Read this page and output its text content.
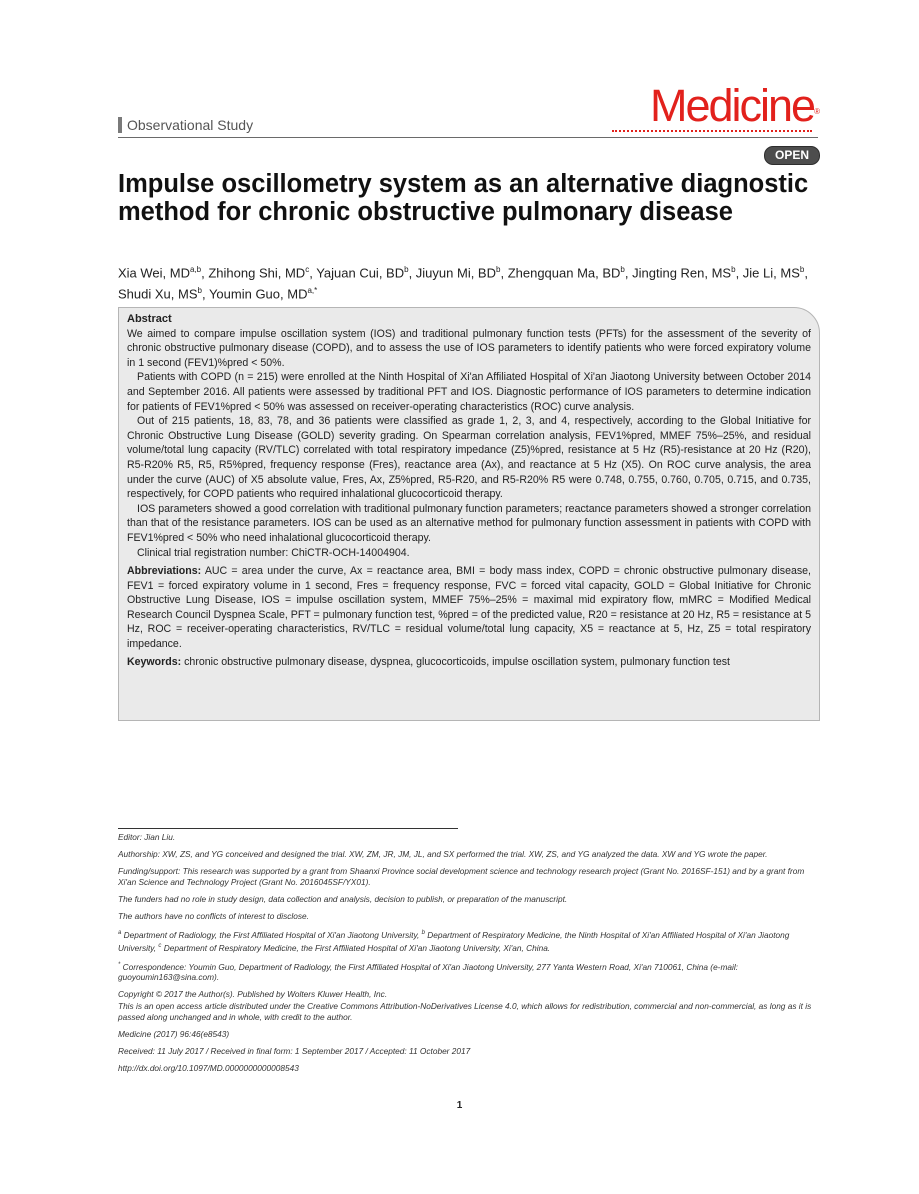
Observational Study	Medicine®
OPEN
Impulse oscillometry system as an alternative diagnostic method for chronic obstructive pulmonary disease

Xia Wei, MD$^{a,b}$, Zhihong Shi, $MD^c$, Yajuan Cui, $BD^b$, Jiuyun Mi, $BD^b$, Zhengquan Ma, $BD^b$, Jingting Ren, $MS^b$, Jie Li, $MS^b$, Shudi Xu, $MS^b$, Youmin Guo, $MD^{a,*}$

Abstract

We aimed to compare impulse oscillation system (IOS) and traditional pulmonary function tests (PFTs) for the assessment of the severity of chronic obstructive pulmonary disease (COPD), and to assess the use of IOS parameters to identify patients who were forced expiratory volume in 1 second (FEV1)%pred < 50%.

Patients with COPD (n = 215) were enrolled at the Ninth Hospital of Xi'an Affiliated Hospital of Xi'an Jiaotong University between October 2014 and September 2016. All patients were assessed by traditional PFT and IOS. Diagnostic performance of IOS parameters to determine indication for patients of FEV1%pred < 50% was assessed on receiver-operating characteristics (ROC) curve analysis.

Out of 215 patients, 18, 83, 78, and 36 patients were classified as grade 1, 2, 3, and 4, respectively, according to the Global Initiative for Chronic Obstructive Lung Disease (GOLD) severity grading. On Spearman correlation analysis, FEV1%pred, MMEF 75%–25%, and residual volume/total lung capacity (RV/TLC) correlated with total respiratory impedance (Z5)%pred, resistance at 5 Hz (R5)-resistance at 20 Hz (R20), R5-R20% R5, R5, R5%pred, frequency response (Fres), reactance area (Ax), and reactance at 5 Hz (X5). On ROC curve analysis, the area under the curve (AUC) of X5 absolute value, Fres, Ax, Z5%pred, R5-R20, and R5-R20% R5 were 0.748, 0.755, 0.760, 0.705, 0.715, and 0.735, respectively, for COPD patients who required inhalational glucocorticoid therapy.

IOS parameters showed a good correlation with traditional pulmonary function parameters; reactance parameters showed a stronger correlation than that of the resistance parameters. IOS can be used as an alternative method for pulmonary function assessment in patients with COPD with FEV1%pred < 50% who need inhalational glucocorticoid therapy.

Clinical trial registration number: ChiCTR-OCH-14004904.

Abbreviations: AUC = area under the curve, Ax = reactance area, BMI = body mass index, COPD = chronic obstructive pulmonary disease, FEV1 = forced expiratory volume in 1 second, Fres = frequency response, FVC = forced vital capacity, GOLD = Global Initiative for Chronic Obstructive Lung Disease, IOS = impulse oscillation system, MMEF 75%–25% = maximal mid expiratory flow, mMRC = Modified Medical Research Council Dyspnea Scale, PFT = pulmonary function test, %pred = of the predicted value, R20 = resistance at 20 Hz, R5 = resistance at 5 Hz, ROC = receiver-operating characteristics, RV/TLC = residual volume/total lung capacity, X5 = reactance at 5, Hz, Z5 = total respiratory impedance.

Keywords: chronic obstructive pulmonary disease, dyspnea, glucocorticoids, impulse oscillation system, pulmonary function test

Editor: Jian Liu.

Authorship: XW, ZS, and YG conceived and designed the trial. XW, ZM, JR, JM, JL, and SX performed the trial. XW, ZS, and YG analyzed the data. XW and YG wrote the paper.

Funding/support: This research was supported by a grant from Shaanxi Province social development science and technology research project (Grant No. 2016SF-151) and by a grant from Xi'an Science and Technology Project (Grant No. 2016045SF/YX01).

The funders had no role in study design, data collection and analysis, decision to publish, or preparation of the manuscript.

The authors have no conflicts of interest to disclose.

$^a$ Department of Radiology, the First Affiliated Hospital of Xi'an Jiaotong University, $^b$ Department of Respiratory Medicine, the Ninth Hospital of Xi'an Affiliated Hospital of Xi'an Jiaotong University, $^c$ Department of Respiratory Medicine, the First Affiliated Hospital of Xi'an Jiaotong University, Xi'an, China.

* Correspondence: Youmin Guo, Department of Radiology, the First Affiliated Hospital of Xi'an Jiaotong University, 277 Yanta Western Road, Xi'an 710061, China (e-mail: guoyoumin163@sina.com).

Copyright © 2017 the Author(s). Published by Wolters Kluwer Health, Inc.

This is an open access article distributed under the Creative Commons Attribution-NoDerivatives License 4.0, which allows for redistribution, commercial and non-commercial, as long as it is passed along unchanged and in whole, with credit to the author.

Medicine (2017) 96:46(e8543)

Received: 11 July 2017 / Received in final form: 1 September 2017 / Accepted: 11 October 2017

http://dx.doi.org/10.1097/MD.0000000000008543

1
